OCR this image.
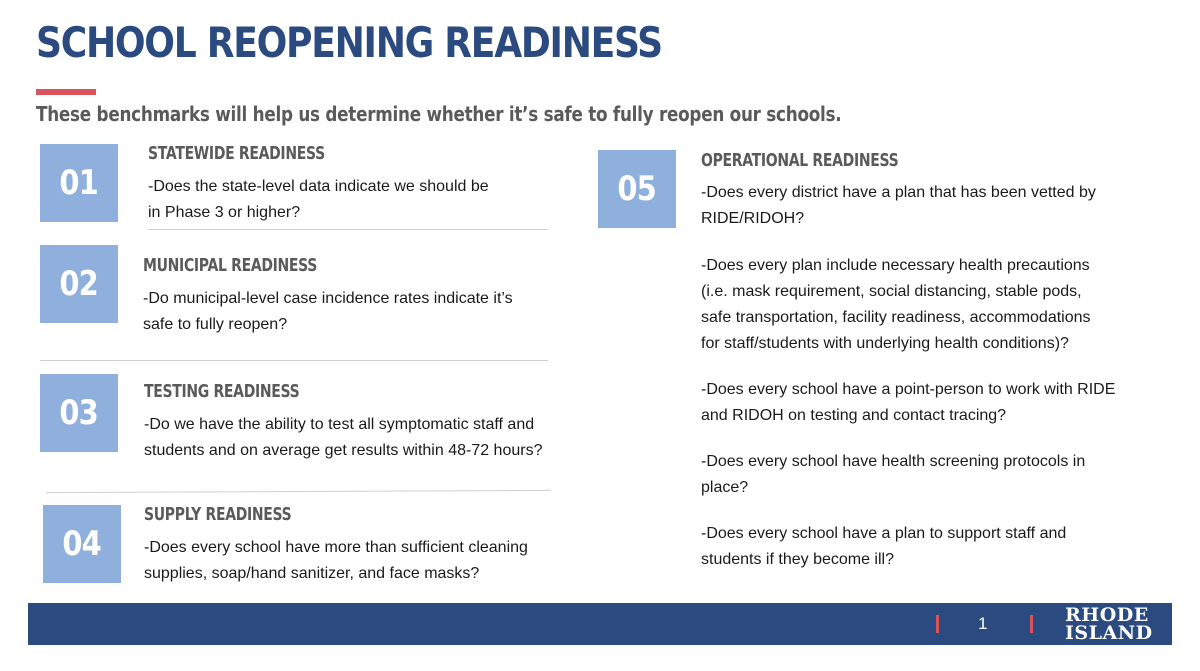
SCHOOL REOPENING READINESS

These benchmarks will help us determine whether it’s safe to fully reopen our schools.

01

STATEWIDE READINESS

-Does the state-level data indicate we should be
in Phase 3 or higher?

02	MUNICIPAL READINESS

-Do municipal-level case incidence rates indicate it’s
safe to fully reopen?

03

TESTING READINESS

-Do we have the ability to test all symptomatic staff and
students and on average get results within 48-72 hours?

04

SUPPLY READINESS

-Does every school have more than sufficient cleaning
supplies, soap/hand sanitizer, and face masks?

05

OPERATIONAL READINESS

-Does every district have a plan that has been vetted by
RIDE/RIDOH?

-Does every plan include necessary health precautions
(i.e. mask requirement, social distancing, stable pods,
safe transportation, facility readiness, accommodations
for staff/students with underlying health conditions)?

-Does every school have a point-person to work with RIDE
and RIDOH on testing and contact tracing?

-Does every school have health screening protocols in
place?

-Does every school have a plan to support staff and
students if they become ill?

1	RHODE
ISLAND
